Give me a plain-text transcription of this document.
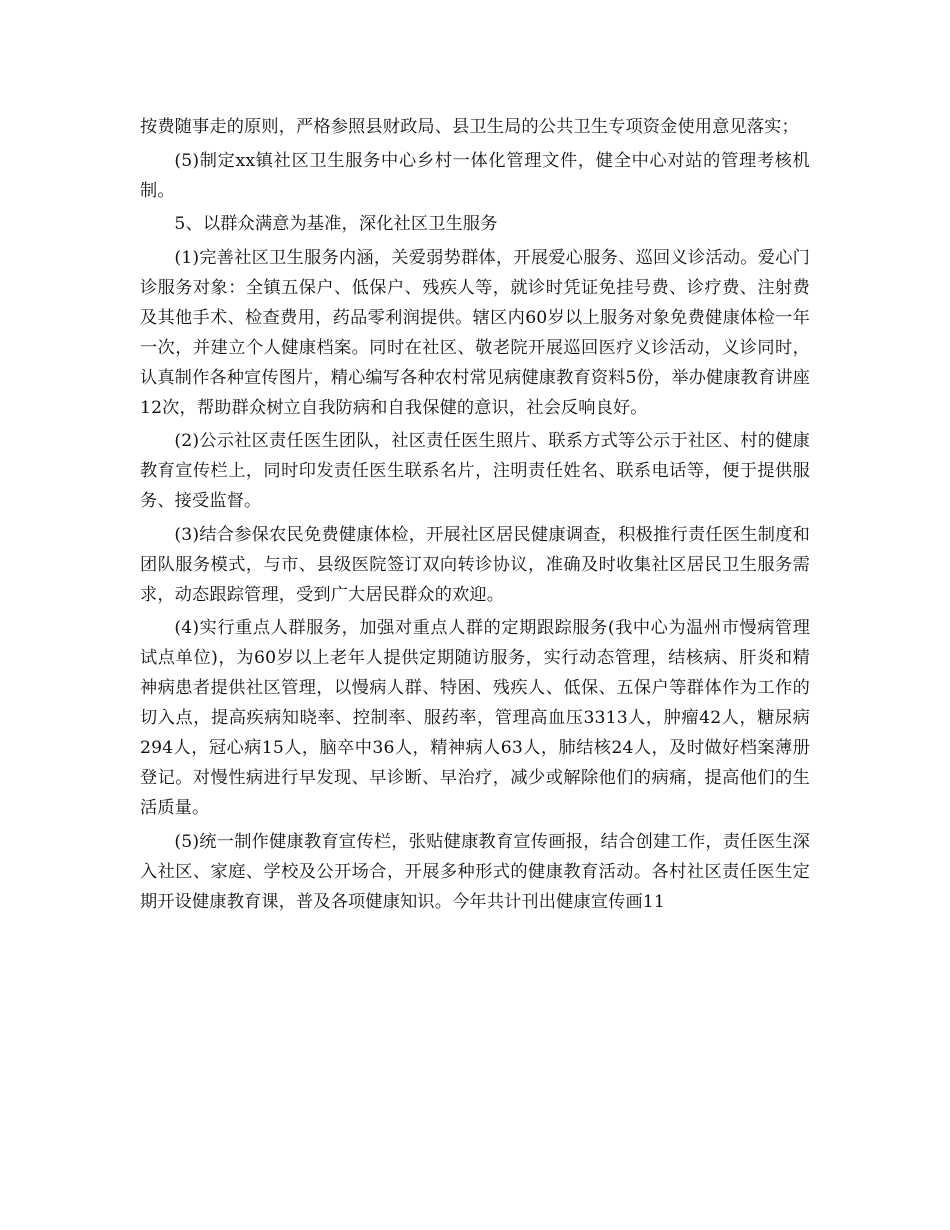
按费随事走的原则，严格参照县财政局、县卫生局的公共卫生专项资金使用意见落实；

(5)制定xx镇社区卫生服务中心乡村一体化管理文件，健全中心对站的管理考核机制。

5、以群众满意为基准，深化社区卫生服务

(1)完善社区卫生服务内涵，关爱弱势群体，开展爱心服务、巡回义诊活动。爱心门诊服务对象：全镇五保户、低保户、残疾人等，就诊时凭证免挂号费、诊疗费、注射费及其他手术、检查费用，药品零利润提供。辖区内60岁以上服务对象免费健康体检一年一次，并建立个人健康档案。同时在社区、敬老院开展巡回医疗义诊活动，义诊同时，认真制作各种宣传图片，精心编写各种农村常见病健康教育资料5份，举办健康教育讲座12次，帮助群众树立自我防病和自我保健的意识，社会反响良好。

(2)公示社区责任医生团队，社区责任医生照片、联系方式等公示于社区、村的健康教育宣传栏上，同时印发责任医生联系名片，注明责任姓名、联系电话等，便于提供服务、接受监督。

(3)结合参保农民免费健康体检，开展社区居民健康调查，积极推行责任医生制度和团队服务模式，与市、县级医院签订双向转诊协议，准确及时收集社区居民卫生服务需求，动态跟踪管理，受到广大居民群众的欢迎。

(4)实行重点人群服务，加强对重点人群的定期跟踪服务(我中心为温州市慢病管理试点单位)，为60岁以上老年人提供定期随访服务，实行动态管理，结核病、肝炎和精神病患者提供社区管理，以慢病人群、特困、残疾人、低保、五保户等群体作为工作的切入点，提高疾病知晓率、控制率、服药率，管理高血压3313人，肿瘤42人，糖尿病294人，冠心病15人，脑卒中36人，精神病人63人，肺结核24人，及时做好档案薄册登记。对慢性病进行早发现、早诊断、早治疗，减少或解除他们的病痛，提高他们的生活质量。

(5)统一制作健康教育宣传栏，张贴健康教育宣传画报，结合创建工作，责任医生深入社区、家庭、学校及公开场合，开展多种形式的健康教育活动。各村社区责任医生定期开设健康教育课，普及各项健康知识。今年共计刊出健康宣传画11
